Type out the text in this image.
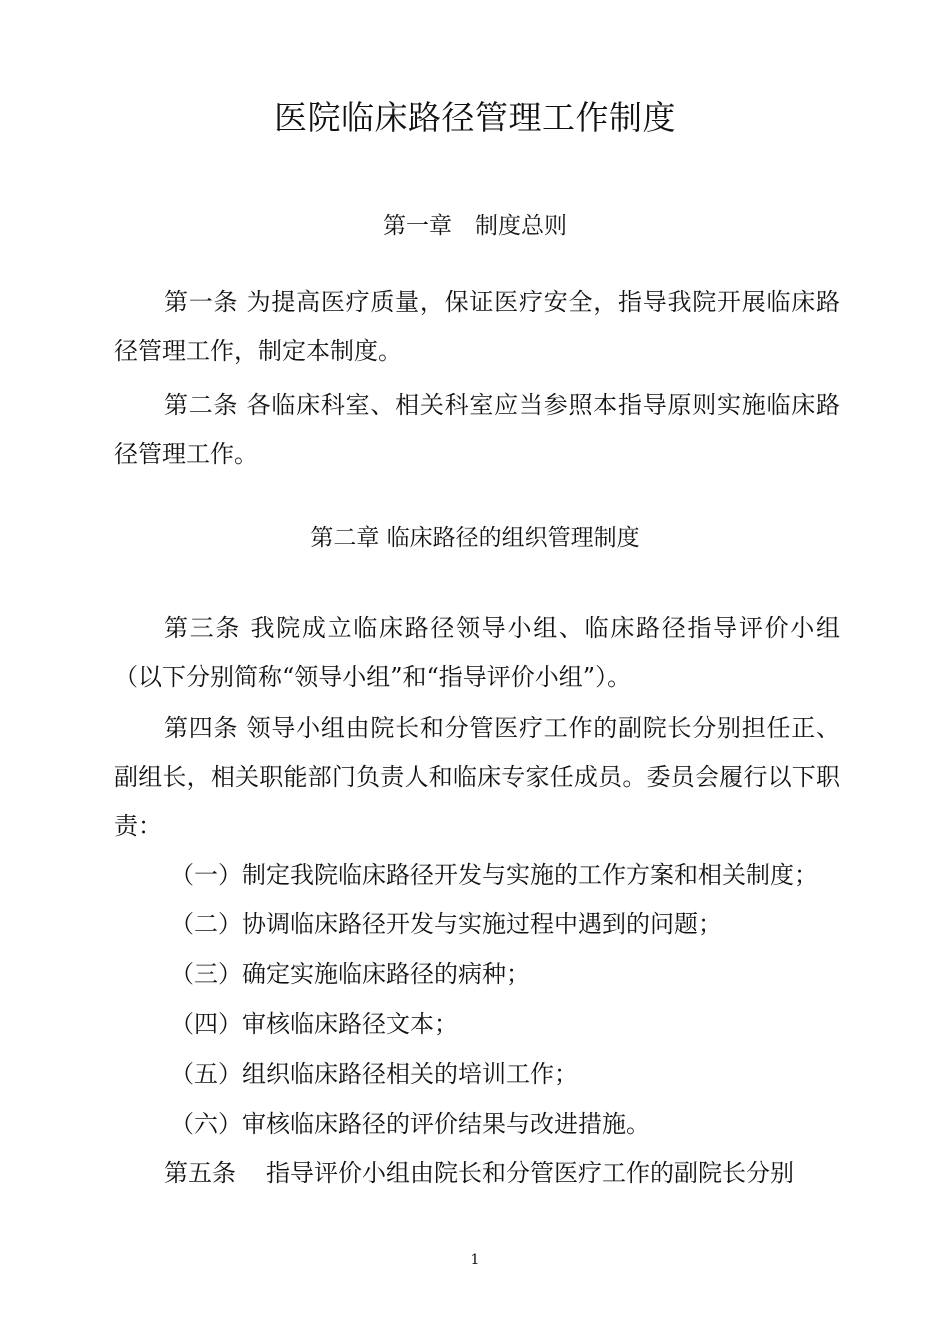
医院临床路径管理工作制度
第一章　制度总则
第一条 为提高医疗质量，保证医疗安全，指导我院开展临床路径管理工作，制定本制度。
第二条 各临床科室、相关科室应当参照本指导原则实施临床路径管理工作。
第二章 临床路径的组织管理制度
第三条 我院成立临床路径领导小组、临床路径指导评价小组（以下分别简称“领导小组”和“指导评价小组”）。
第四条 领导小组由院长和分管医疗工作的副院长分别担任正、副组长，相关职能部门负责人和临床专家任成员。委员会履行以下职责：
（一）制定我院临床路径开发与实施的工作方案和相关制度；
（二）协调临床路径开发与实施过程中遇到的问题；
（三）确定实施临床路径的病种；
（四）审核临床路径文本；
（五）组织临床路径相关的培训工作；
（六）审核临床路径的评价结果与改进措施。
第五条 指导评价小组由院长和分管医疗工作的副院长分别
1
